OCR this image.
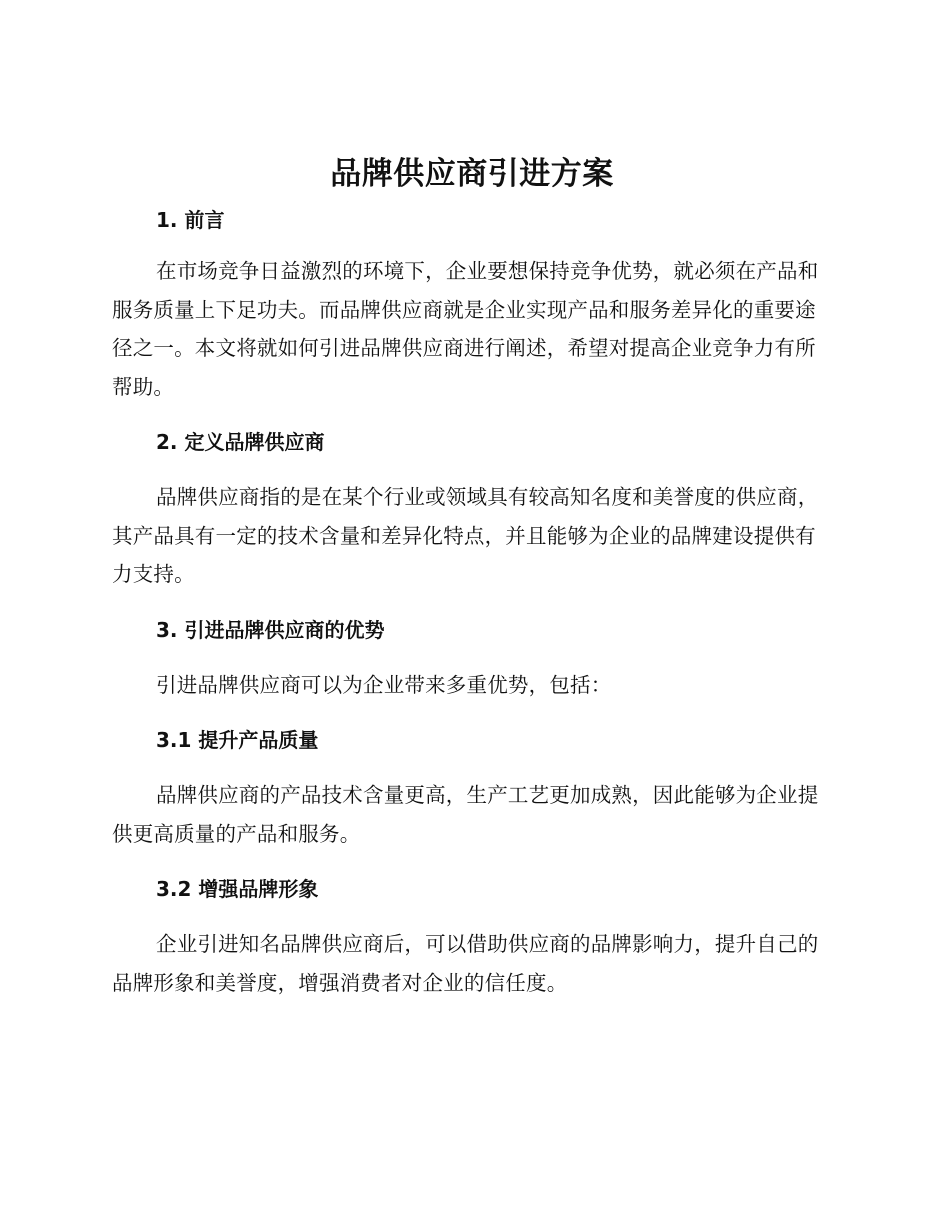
品牌供应商引进方案
1. 前言

在市场竞争日益激烈的环境下，企业要想保持竞争优势，就必须在产品和服务质量上下足功夫。而品牌供应商就是企业实现产品和服务差异化的重要途径之一。本文将就如何引进品牌供应商进行阐述，希望对提高企业竞争力有所帮助。

2. 定义品牌供应商

品牌供应商指的是在某个行业或领域具有较高知名度和美誉度的供应商，其产品具有一定的技术含量和差异化特点，并且能够为企业的品牌建设提供有力支持。

3. 引进品牌供应商的优势

引进品牌供应商可以为企业带来多重优势，包括：

3.1 提升产品质量

品牌供应商的产品技术含量更高，生产工艺更加成熟，因此能够为企业提供更高质量的产品和服务。

3.2 增强品牌形象

企业引进知名品牌供应商后，可以借助供应商的品牌影响力，提升自己的品牌形象和美誉度，增强消费者对企业的信任度。
